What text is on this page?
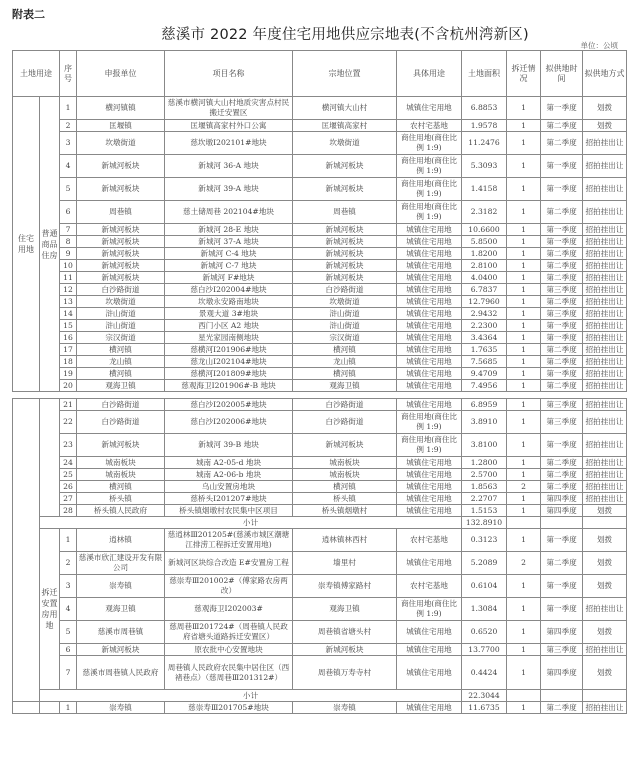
附表二
慈溪市 2022 年度住宅用地供应宗地表(不含杭州湾新区)
单位：公顷
土地用途		序号	申报单位	项目名称	宗地位置	具体用途	土地面积	拆迁情况	拟供地时间	拟供地方式
住宅用地	普通商品住房	1	横河镇镇	慈溪市横河镇大山村地质灾害点村民搬迁安置区	横河镇大山村	城镇住宅用地	6.8853	1	第一季度	划拨
		2	匡堰镇	匡堰镇高家村外口公寓	匡堰镇高家村	农村宅基地	1.9578	1	第二季度	划拨
		3	坎墩街道	慈坎墩Ⅰ202101#地块	坎墩街道	商住用地(商住比例 1:9)	11.2476	1	第二季度	招拍挂出让
		4	新城河板块	新城河 36-A 地块	新城河板块	商住用地(商住比例 1:9)	5.3093	1	第一季度	招拍挂出让
		5	新城河板块	新城河 39-A 地块	新城河板块	商住用地(商住比例 1:9)	1.4158	1	第一季度	招拍挂出让
		6	周巷镇	慈土储周巷 202104#地块	周巷镇	商住用地(商住比例 1:9)	2.3182	1	第二季度	招拍挂出让
		7	新城河板块	新城河 28-E 地块	新城河板块	城镇住宅用地	10.6600	1	第一季度	招拍挂出让
		8	新城河板块	新城河 37-A 地块	新城河板块	城镇住宅用地	5.8500	1	第一季度	招拍挂出让
		9	新城河板块	新城河 C-4 地块	新城河板块	城镇住宅用地	1.8200	1	第二季度	招拍挂出让
		10	新城河板块	新城河 C-7 地块	新城河板块	城镇住宅用地	2.8100	1	第二季度	招拍挂出让
		11	新城河板块	新城河 F#地块	新城河板块	城镇住宅用地	4.0400	1	第二季度	招拍挂出让
		12	白沙路街道	慈白沙Ⅰ202004#地块	白沙路街道	城镇住宅用地	6.7837	1	第三季度	招拍挂出让
		13	坎墩街道	坎墩永安路南地块	坎墩街道	城镇住宅用地	12.7960	1	第二季度	招拍挂出让
		14	浒山街道	景观大道 3#地块	浒山街道	城镇住宅用地	2.9432	1	第三季度	招拍挂出让
		15	浒山街道	西门小区 A2 地块	浒山街道	城镇住宅用地	2.2300	1	第一季度	招拍挂出让
		16	宗汉街道	星光家园南侧地块	宗汉街道	城镇住宅用地	3.4364	1	第一季度	招拍挂出让
		17	横河镇	慈横河Ⅰ201906#地块	横河镇	城镇住宅用地	1.7635	1	第二季度	招拍挂出让
		18	龙山镇	慈龙山Ⅰ202104#地块	龙山镇	城镇住宅用地	7.5685	1	第二季度	招拍挂出让
		19	横河镇	慈横河Ⅰ201809#地块	横河镇	城镇住宅用地	9.4709	1	第一季度	招拍挂出让
		20	观海卫镇	慈观海卫Ⅰ201906#-B 地块	观海卫镇	城镇住宅用地	7.4956	1	第二季度	招拍挂出让

		21	白沙路街道	慈白沙Ⅰ202005#地块	白沙路街道	城镇住宅用地	6.8959	1	第三季度	招拍挂出让
		22	白沙路街道	慈白沙Ⅰ202006#地块	白沙路街道	商住用地(商住比例 1:9)	3.8910	1	第三季度	招拍挂出让
		23	新城河板块	新城河 39-B 地块	新城河板块	商住用地(商住比例 1:9)	3.8100	1	第一季度	招拍挂出让
		24	城南板块	城南 A2-05-d 地块	城南板块	城镇住宅用地	1.2800	1	第二季度	招拍挂出让
		25	城南板块	城南 A2-06-b 地块	城南板块	城镇住宅用地	2.5700	1	第二季度	招拍挂出让
		26	横河镇	乌山安置房地块	横河镇	城镇住宅用地	1.8563	2	第二季度	招拍挂出让
		27	桥头镇	慈桥头Ⅰ201207#地块	桥头镇	城镇住宅用地	2.2707	1	第四季度	招拍挂出让
		28	桥头镇人民政府	桥头镇烟墩村农民集中区项目	桥头镇烟墩村	城镇住宅用地	1.5153	1	第四季度	划拨
	小计						132.8910			
	拆迁安置房用地	1	逍林镇	慈逍林Ⅲ201205#(慈溪市城区潮塘江排涝工程拆迁安置用地)	逍林镇林西村	农村宅基地	0.3123	1	第一季度	划拨
		2	慈溪市欣汇建设开发有限公司	新城河区块综合改造 E#安置房工程	墙里村	城镇住宅用地	5.2089	2	第二季度	划拨
		3	崇寿镇	慈崇寿Ⅲ201002#（傅家路农房两改）	崇寿镇傅家路村	农村宅基地	0.6104	1	第一季度	划拨
		4	观海卫镇	慈观海卫Ⅰ202003#	观海卫镇	商住用地(商住比例 1:9)	1.3084	1	第一季度	招拍挂出让
		5	慈溪市周巷镇	慈周巷Ⅲ201724#（周巷镇人民政府省塘头道路拆迁安置区）	周巷镇省塘头村	城镇住宅用地	0.6520	1	第四季度	划拨
		6	新城河板块	原农批中心安置地块	新城河板块	城镇住宅用地	13.7700	1	第三季度	招拍挂出让
		7	慈溪市周巷镇人民政府	周巷镇人民政府农民集中居住区（西褚巷点）（慈周巷Ⅲ201312#）	周巷镇万寿寺村	城镇住宅用地	0.4424	1	第四季度	划拨
	小计						22.3044			
		1	崇寿镇	慈崇寿Ⅲ201705#地块	崇寿镇	城镇住宅用地	11.6735	1	第二季度	招拍挂出让
